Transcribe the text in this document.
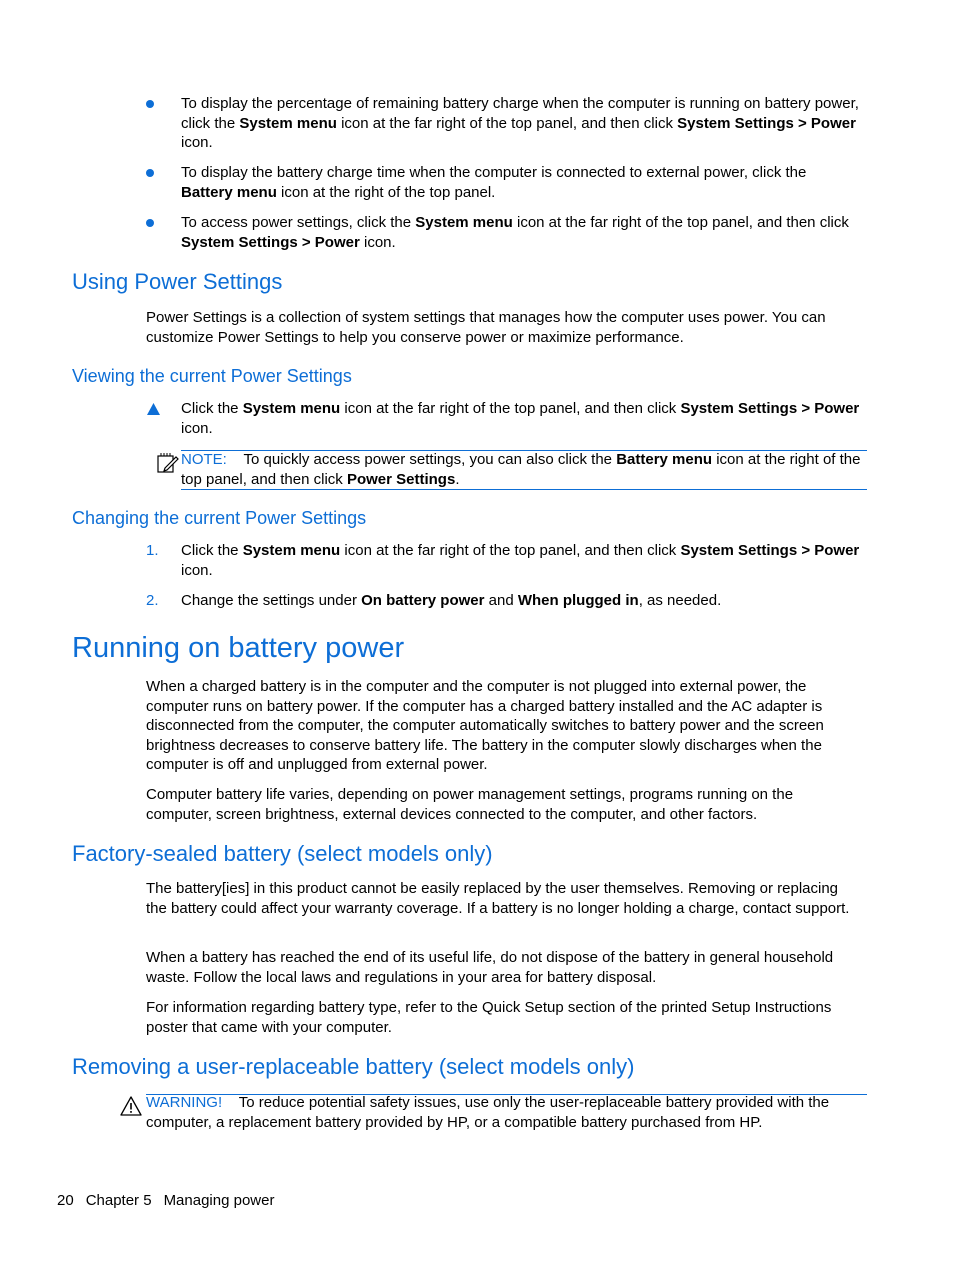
To display the percentage of remaining battery charge when the computer is running on battery power, click the System menu icon at the far right of the top panel, and then click System Settings > Power icon.
To display the battery charge time when the computer is connected to external power, click the Battery menu icon at the right of the top panel.
To access power settings, click the System menu icon at the far right of the top panel, and then click System Settings > Power icon.
Using Power Settings
Power Settings is a collection of system settings that manages how the computer uses power. You can customize Power Settings to help you conserve power or maximize performance.
Viewing the current Power Settings
Click the System menu icon at the far right of the top panel, and then click System Settings > Power icon.
NOTE: To quickly access power settings, you can also click the Battery menu icon at the right of the top panel, and then click Power Settings.
Changing the current Power Settings
1. Click the System menu icon at the far right of the top panel, and then click System Settings > Power icon.
2. Change the settings under On battery power and When plugged in, as needed.
Running on battery power
When a charged battery is in the computer and the computer is not plugged into external power, the computer runs on battery power. If the computer has a charged battery installed and the AC adapter is disconnected from the computer, the computer automatically switches to battery power and the screen brightness decreases to conserve battery life. The battery in the computer slowly discharges when the computer is off and unplugged from external power.
Computer battery life varies, depending on power management settings, programs running on the computer, screen brightness, external devices connected to the computer, and other factors.
Factory-sealed battery (select models only)
The battery[ies] in this product cannot be easily replaced by the user themselves. Removing or replacing the battery could affect your warranty coverage. If a battery is no longer holding a charge, contact support.
When a battery has reached the end of its useful life, do not dispose of the battery in general household waste. Follow the local laws and regulations in your area for battery disposal.
For information regarding battery type, refer to the Quick Setup section of the printed Setup Instructions poster that came with your computer.
Removing a user-replaceable battery (select models only)
WARNING! To reduce potential safety issues, use only the user-replaceable battery provided with the computer, a replacement battery provided by HP, or a compatible battery purchased from HP.
20 Chapter 5 Managing power
